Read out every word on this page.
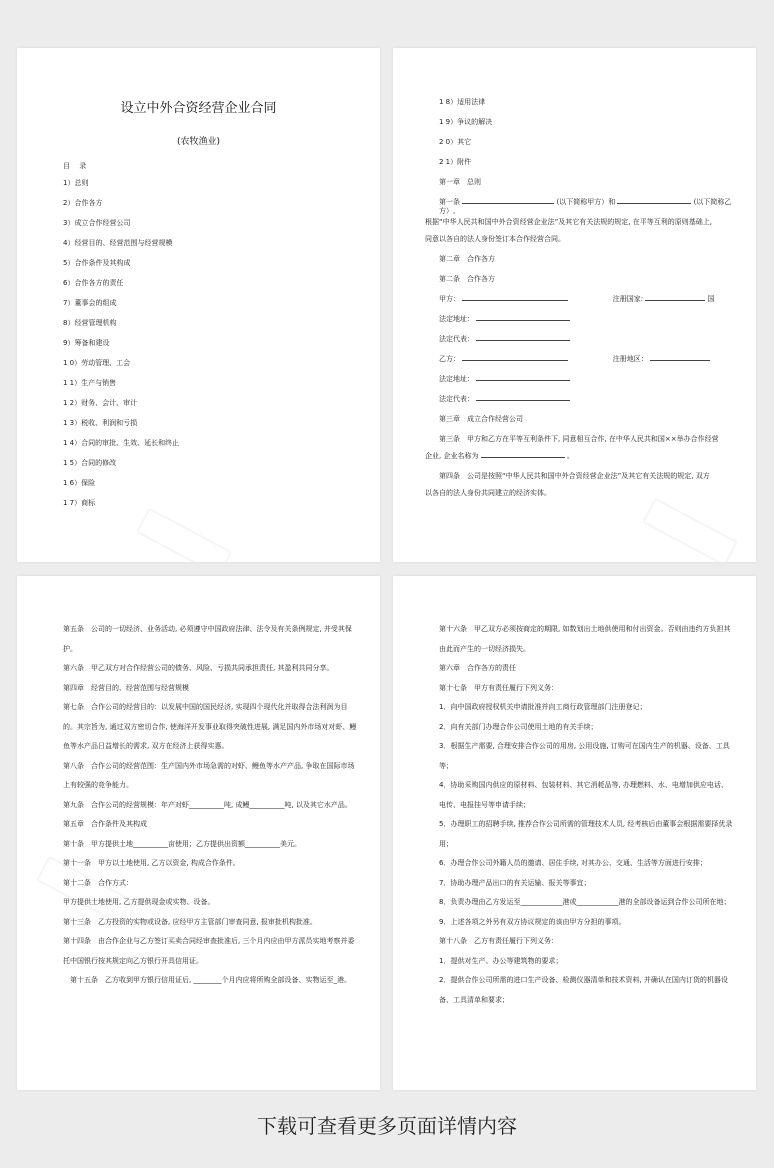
设立中外合资经营企业合同
(农牧渔业)
目　 录
1）总则
2）合作各方
3）成立合作经营公司
4）经营目的、经营范围与经营规模
5）合作条件及其构成
6）合作各方的责任
7）董事会的组成
8）经营管理机构
9）筹备和建设
1 0）劳动管理、工会
1 1）生产与销售
1 2）财务、会计、审计
1 3）税收、利润和亏损
1 4）合同的审批、生效、延长和终止
1 5）合同的修改
1 6）保险
1 7）商标
1 8）适用法律
1 9）争议的解决
2 0）其它
2 1）附件
第一章　总则
第一条	(以下简称甲方）和	(以下简称乙方）,
根据“中华人民共和国中外合资经营企业法”及其它有关法规的规定, 在平等互利的原则基础上,
同意以各自的法人身份签订本合作经营合同。
第二章　合作各方
第二条　合作各方
甲方：	注册国家:	国
法定地址：
法定代表：
乙方：	注册地区：
法定地址：
法定代表：
第三章　成立合作经营公司
第三条　甲方和乙方在平等互利条件下, 同意相互合作, 在中华人民共和国××举办合作经营
企业, 企业名称为	。
第四条　公司是按照“中华人民共和国中外合资经营企业法”及其它有关法规的规定, 双方
以各自的法人身份共同建立的经济实体。

第五条　公司的一切经济、业务活动, 必须遵守中国政府法律、法令及有关条例规定, 并受其保护。

第六条　甲乙双方对合作经营公司的债务、风险、亏损共同承担责任, 其盈利共同分享。

第四章　经营目的、经营范围与经营规模

第七条　合作公司的经营目的：以发展中国的国民经济, 实现四个现代化并取得合法利润为目的。其宗旨为, 通过双方密切合作, 使海洋开发事业取得突破性进展, 满足国内外市场对对虾、鳗鱼等水产品日益增长的需求, 双方在经济上获得实惠。

第八条　合作公司的经营范围：生产国内外市场急需的对虾、鳗鱼等水产产品, 争取在国际市场上有较强的竞争能力。

第九条　合作公司的经营规模：年产对虾__________吨, 成鳗__________吨, 以及其它水产品。

第五章　合作条件及其构成

第十条　甲方提供土地__________亩使用；乙方提供出资额__________美元。

第十一条　甲方以土地使用, 乙方以资金, 构成合作条件。

第十二条　合作方式：

甲方提供土地使用, 乙方提供现金或实物、设备。

第十三条　乙方投资的实物或设备, 应经甲方主管部门审查同意, 报审批机构批准。

第十四条　由合作企业与乙方签订买卖合同经审查批准后, 三个月内应由甲方派员实地考察并委托中国银行按其规定向乙方银行开具信用证。

　第十五条　乙方收到甲方银行信用证后, ________个月内应将所购全部设备、实物运至_港。

第十六条　甲乙双方必须按商定的期限, 如数划出土地供使用和付出资金。否则由违约方负担其由此而产生的一切经济损失。

第六章　合作各方的责任

第十七条　甲方有责任履行下列义务：

1．向中国政府授权机关申请批准并向工商行政管理部门注册登记；

2．向有关部门办理合作公司使用土地的有关手续；

3．根据生产需要, 合理安排合作公司的用房, 公用设施, 订购可在国内生产的机器、设备、工具等；

4．协助采购国内供应的原材料、包装材料、其它消耗品等, 办理燃料、水、电增加供应电话、电传、电报挂号等申请手续；

5．办理职工的招聘手续, 推荐合作公司所需的管理技术人员, 经考核后由董事会根据需要择优录用；

6．办理合作公司外籍人员的邀请、居住手续, 对其办公、交通、生活等方面进行安排；

7．协助办理产品出口的有关运输、报关等事宜；

8．负责办理由乙方发运至____________港或____________港的全部设备运到合作公司所在地；

9．上述各项之外另有双方协议规定的该由甲方分担的事项。

第十八条　乙方有责任履行下列义务：

1．提供对生产、办公等建筑物的要求；

2．提供合作公司所需的进口生产设备、检测仪器清单和技术资料, 并确认在国内订货的机器设备、工具清单和要求；

下载可查看更多页面详情内容
